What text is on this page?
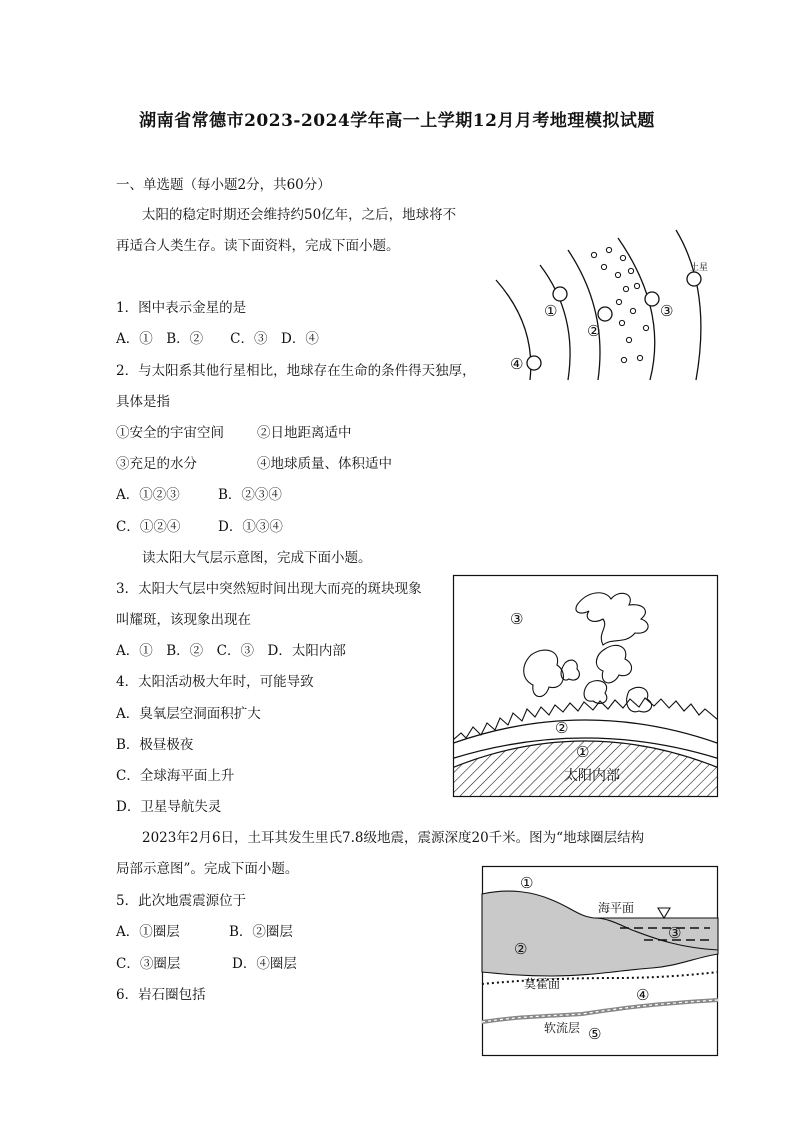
湖南省常德市2023-2024学年高一上学期12月月考地理模拟试题
一、单选题（每小题2分，共60分）
太阳的稳定时期还会维持约50亿年，之后，地球将不
再适合人类生存。读下面资料，完成下面小题。
1．图中表示金星的是
A．①　B．②　　C．③　D．④
2．与太阳系其他行星相比，地球存在生命的条件得天独厚，
具体是指
①安全的宇宙空间 ②日地距离适中
③充足的水分	④地球质量、体积适中
A．①②③	B．②③④
C．①②④	D．①③④
读太阳大气层示意图，完成下面小题。
3．太阳大气层中突然短时间出现大而亮的斑块现象
叫耀斑，该现象出现在
A．①　B．②　C．③　D．太阳内部
4．太阳活动极大年时，可能导致
A．臭氧层空洞面积扩大
B．极昼极夜
C．全球海平面上升
D．卫星导航失灵
2023年2月6日，土耳其发生里氏7.8级地震，震源深度20千米。图为“地球圈层结构
局部示意图”。完成下面小题。
5．此次地震震源位于
A．①圈层	B．②圈层
C．③圈层	D．④圈层
6．岩石圈包括
④
①
②
③
土星
③
②
①
太阳内部
①
②
③
④
⑤
海平面
莫霍面
软流层
